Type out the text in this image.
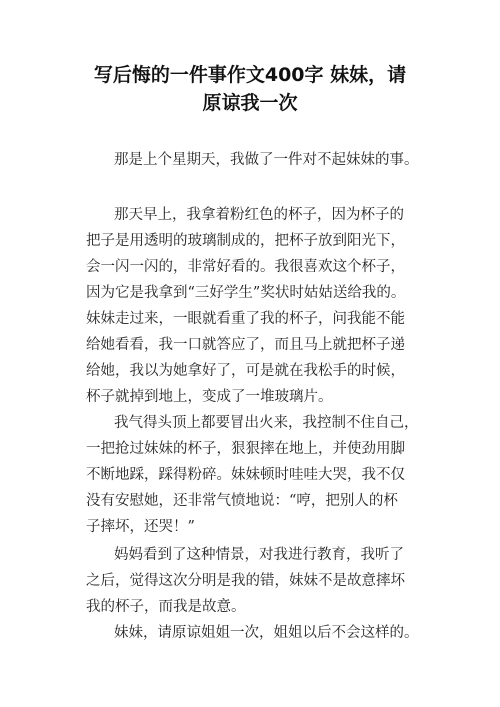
写后悔的一件事作文400字 妹妹，请
原谅我一次
那是上个星期天，我做了一件对不起妹妹的事。
那天早上，我拿着粉红色的杯子，因为杯子的
把子是用透明的玻璃制成的，把杯子放到阳光下，
会一闪一闪的，非常好看的。我很喜欢这个杯子，
因为它是我拿到“三好学生”奖状时姑姑送给我的。
妹妹走过来，一眼就看重了我的杯子，问我能不能
给她看看，我一口就答应了，而且马上就把杯子递
给她，我以为她拿好了，可是就在我松手的时候，
杯子就掉到地上，变成了一堆玻璃片。
我气得头顶上都要冒出火来，我控制不住自己，
一把抢过妹妹的杯子，狠狠摔在地上，并使劲用脚
不断地踩，踩得粉碎。妹妹顿时哇哇大哭，我不仅
没有安慰她，还非常气愤地说：“哼，把别人的杯
子摔坏，还哭！”
妈妈看到了这种情景，对我进行教育，我听了
之后，觉得这次分明是我的错，妹妹不是故意摔坏
我的杯子，而我是故意。
妹妹，请原谅姐姐一次，姐姐以后不会这样的。
